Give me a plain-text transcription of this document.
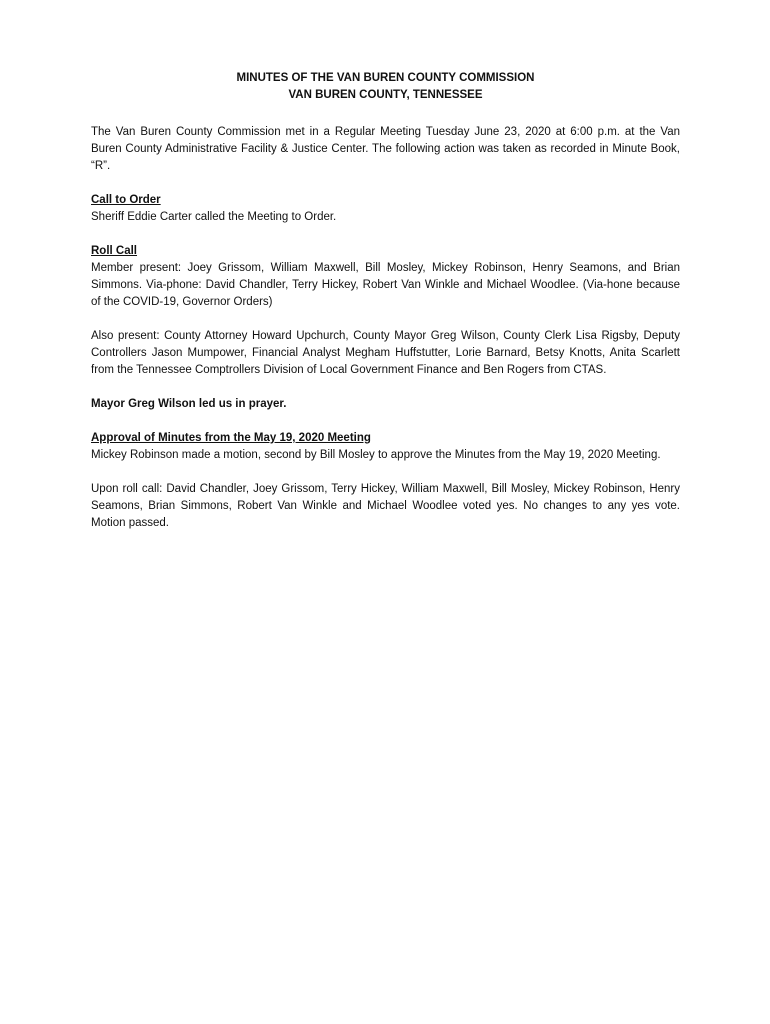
MINUTES OF THE VAN BUREN COUNTY COMMISSION
VAN BUREN COUNTY, TENNESSEE

The Van Buren County Commission met in a Regular Meeting Tuesday June 23, 2020 at 6:00 p.m. at the Van Buren County Administrative Facility & Justice Center. The following action was taken as recorded in Minute Book, “R”.

Call to Order

Sheriff Eddie Carter called the Meeting to Order.

Roll Call

Member present: Joey Grissom, William Maxwell, Bill Mosley, Mickey Robinson, Henry Seamons, and Brian Simmons. Via-phone: David Chandler, Terry Hickey, Robert Van Winkle and Michael Woodlee. (Via-hone because of the COVID-19, Governor Orders)

Also present: County Attorney Howard Upchurch, County Mayor Greg Wilson, County Clerk Lisa Rigsby, Deputy Controllers Jason Mumpower, Financial Analyst Megham Huffstutter, Lorie Barnard, Betsy Knotts, Anita Scarlett from the Tennessee Comptrollers Division of Local Government Finance and Ben Rogers from CTAS.

Mayor Greg Wilson led us in prayer.

Approval of Minutes from the May 19, 2020 Meeting

Mickey Robinson made a motion, second by Bill Mosley to approve the Minutes from the May 19, 2020 Meeting.

Upon roll call: David Chandler, Joey Grissom, Terry Hickey, William Maxwell, Bill Mosley, Mickey Robinson, Henry Seamons, Brian Simmons, Robert Van Winkle and Michael Woodlee voted yes. No changes to any yes vote. Motion passed.
